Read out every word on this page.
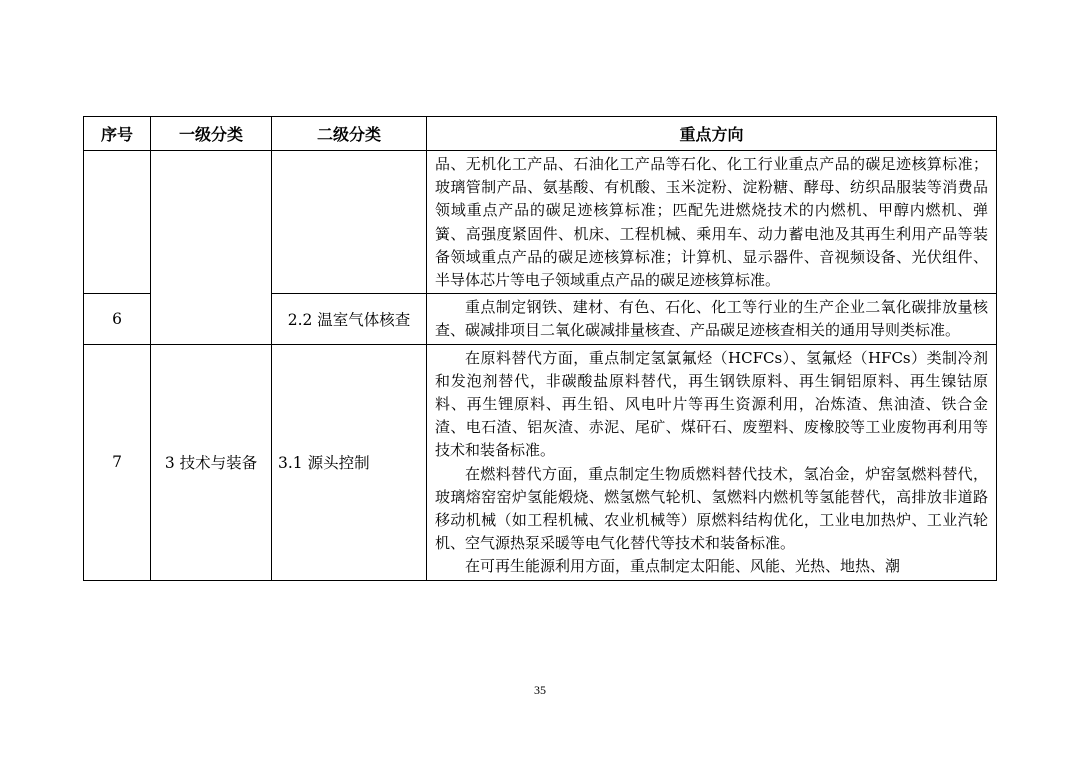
序号	一级分类	二级分类	重点方向

			品、无机化工产品、石油化工产品等石化、化工行业重点产品的碳足迹核算标准；玻璃管制产品、氨基酸、有机酸、玉米淀粉、淀粉糖、酵母、纺织品服装等消费品领域重点产品的碳足迹核算标准；匹配先进燃烧技术的内燃机、甲醇内燃机、弹簧、高强度紧固件、机床、工程机械、乘用车、动力蓄电池及其再生利用产品等装备领域重点产品的碳足迹核算标准；计算机、显示器件、音视频设备、光伏组件、半导体芯片等电子领域重点产品的碳足迹核算标准。

6		2.2 温室气体核查	重点制定钢铁、建材、有色、石化、化工等行业的生产企业二氧化碳排放量核查、碳减排项目二氧化碳减排量核查、产品碳足迹核查相关的通用导则类标准。

7	3 技术与装备	3.1 源头控制	在原料替代方面，重点制定氢氯氟烃（HCFCs）、氢氟烃（HFCs）类制冷剂和发泡剂替代，非碳酸盐原料替代，再生钢铁原料、再生铜铝原料、再生镍钴原料、再生锂原料、再生铅、风电叶片等再生资源利用，冶炼渣、焦油渣、铁合金渣、电石渣、铝灰渣、赤泥、尾矿、煤矸石、废塑料、废橡胶等工业废物再利用等技术和装备标准。

在燃料替代方面，重点制定生物质燃料替代技术，氢冶金，炉窑氢燃料替代，玻璃熔窑窑炉氢能煅烧、燃氢燃气轮机、氢燃料内燃机等氢能替代，高排放非道路移动机械（如工程机械、农业机械等）原燃料结构优化，工业电加热炉、工业汽轮机、空气源热泵采暖等电气化替代等技术和装备标准。

在可再生能源利用方面，重点制定太阳能、风能、光热、地热、潮

35
